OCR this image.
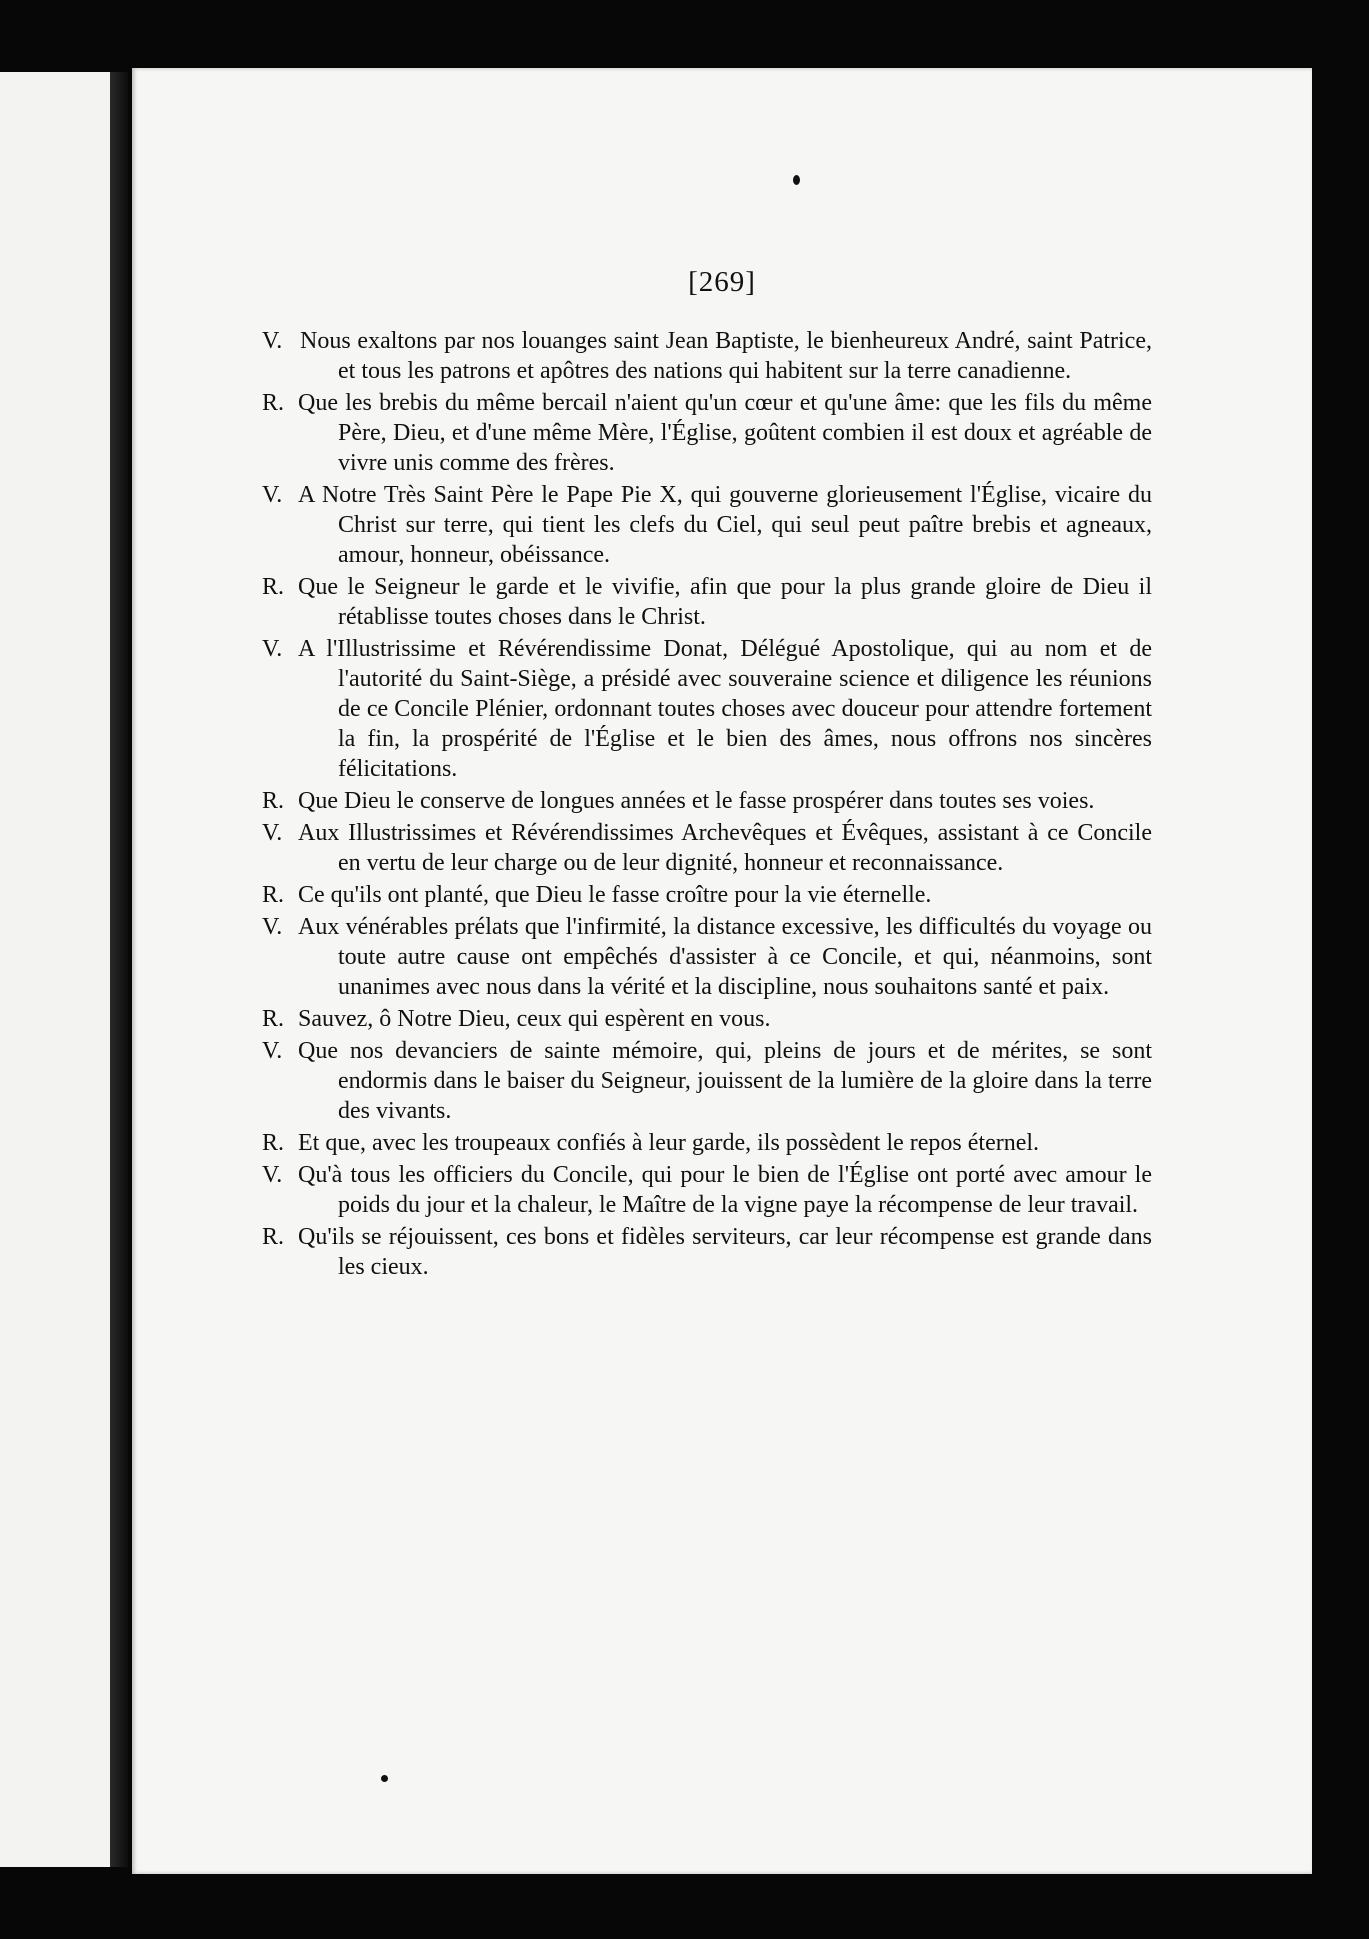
[269]
V. Nous exaltons par nos louanges saint Jean Baptiste, le bienheureux André, saint Patrice, et tous les patrons et apôtres des nations qui habitent sur la terre canadienne.
R. Que les brebis du même bercail n'aient qu'un cœur et qu'une âme: que les fils du même Père, Dieu, et d'une même Mère, l'Église, goûtent combien il est doux et agréable de vivre unis comme des frères.
V. A Notre Très Saint Père le Pape Pie X, qui gouverne glorieusement l'Église, vicaire du Christ sur terre, qui tient les clefs du Ciel, qui seul peut paître brebis et agneaux, amour, honneur, obéissance.
R. Que le Seigneur le garde et le vivifie, afin que pour la plus grande gloire de Dieu il rétablisse toutes choses dans le Christ.
V. A l'Illustrissime et Révérendissime Donat, Délégué Apostolique, qui au nom et de l'autorité du Saint-Siège, a présidé avec souveraine science et diligence les réunions de ce Concile Plénier, ordonnant toutes choses avec douceur pour attendre fortement la fin, la prospérité de l'Église et le bien des âmes, nous offrons nos sincères félicitations.
R. Que Dieu le conserve de longues années et le fasse prospérer dans toutes ses voies.
V. Aux Illustrissimes et Révérendissimes Archevêques et Évêques, assistant à ce Concile en vertu de leur charge ou de leur dignité, honneur et reconnaissance.
R. Ce qu'ils ont planté, que Dieu le fasse croître pour la vie éternelle.
V. Aux vénérables prélats que l'infirmité, la distance excessive, les difficultés du voyage ou toute autre cause ont empêchés d'assister à ce Concile, et qui, néanmoins, sont unanimes avec nous dans la vérité et la discipline, nous souhaitons santé et paix.
R. Sauvez, ô Notre Dieu, ceux qui espèrent en vous.
V. Que nos devanciers de sainte mémoire, qui, pleins de jours et de mérites, se sont endormis dans le baiser du Seigneur, jouissent de la lumière de la gloire dans la terre des vivants.
R. Et que, avec les troupeaux confiés à leur garde, ils possèdent le repos éternel.
V. Qu'à tous les officiers du Concile, qui pour le bien de l'Église ont porté avec amour le poids du jour et la chaleur, le Maître de la vigne paye la récompense de leur travail.
R. Qu'ils se réjouissent, ces bons et fidèles serviteurs, car leur récompense est grande dans les cieux.
